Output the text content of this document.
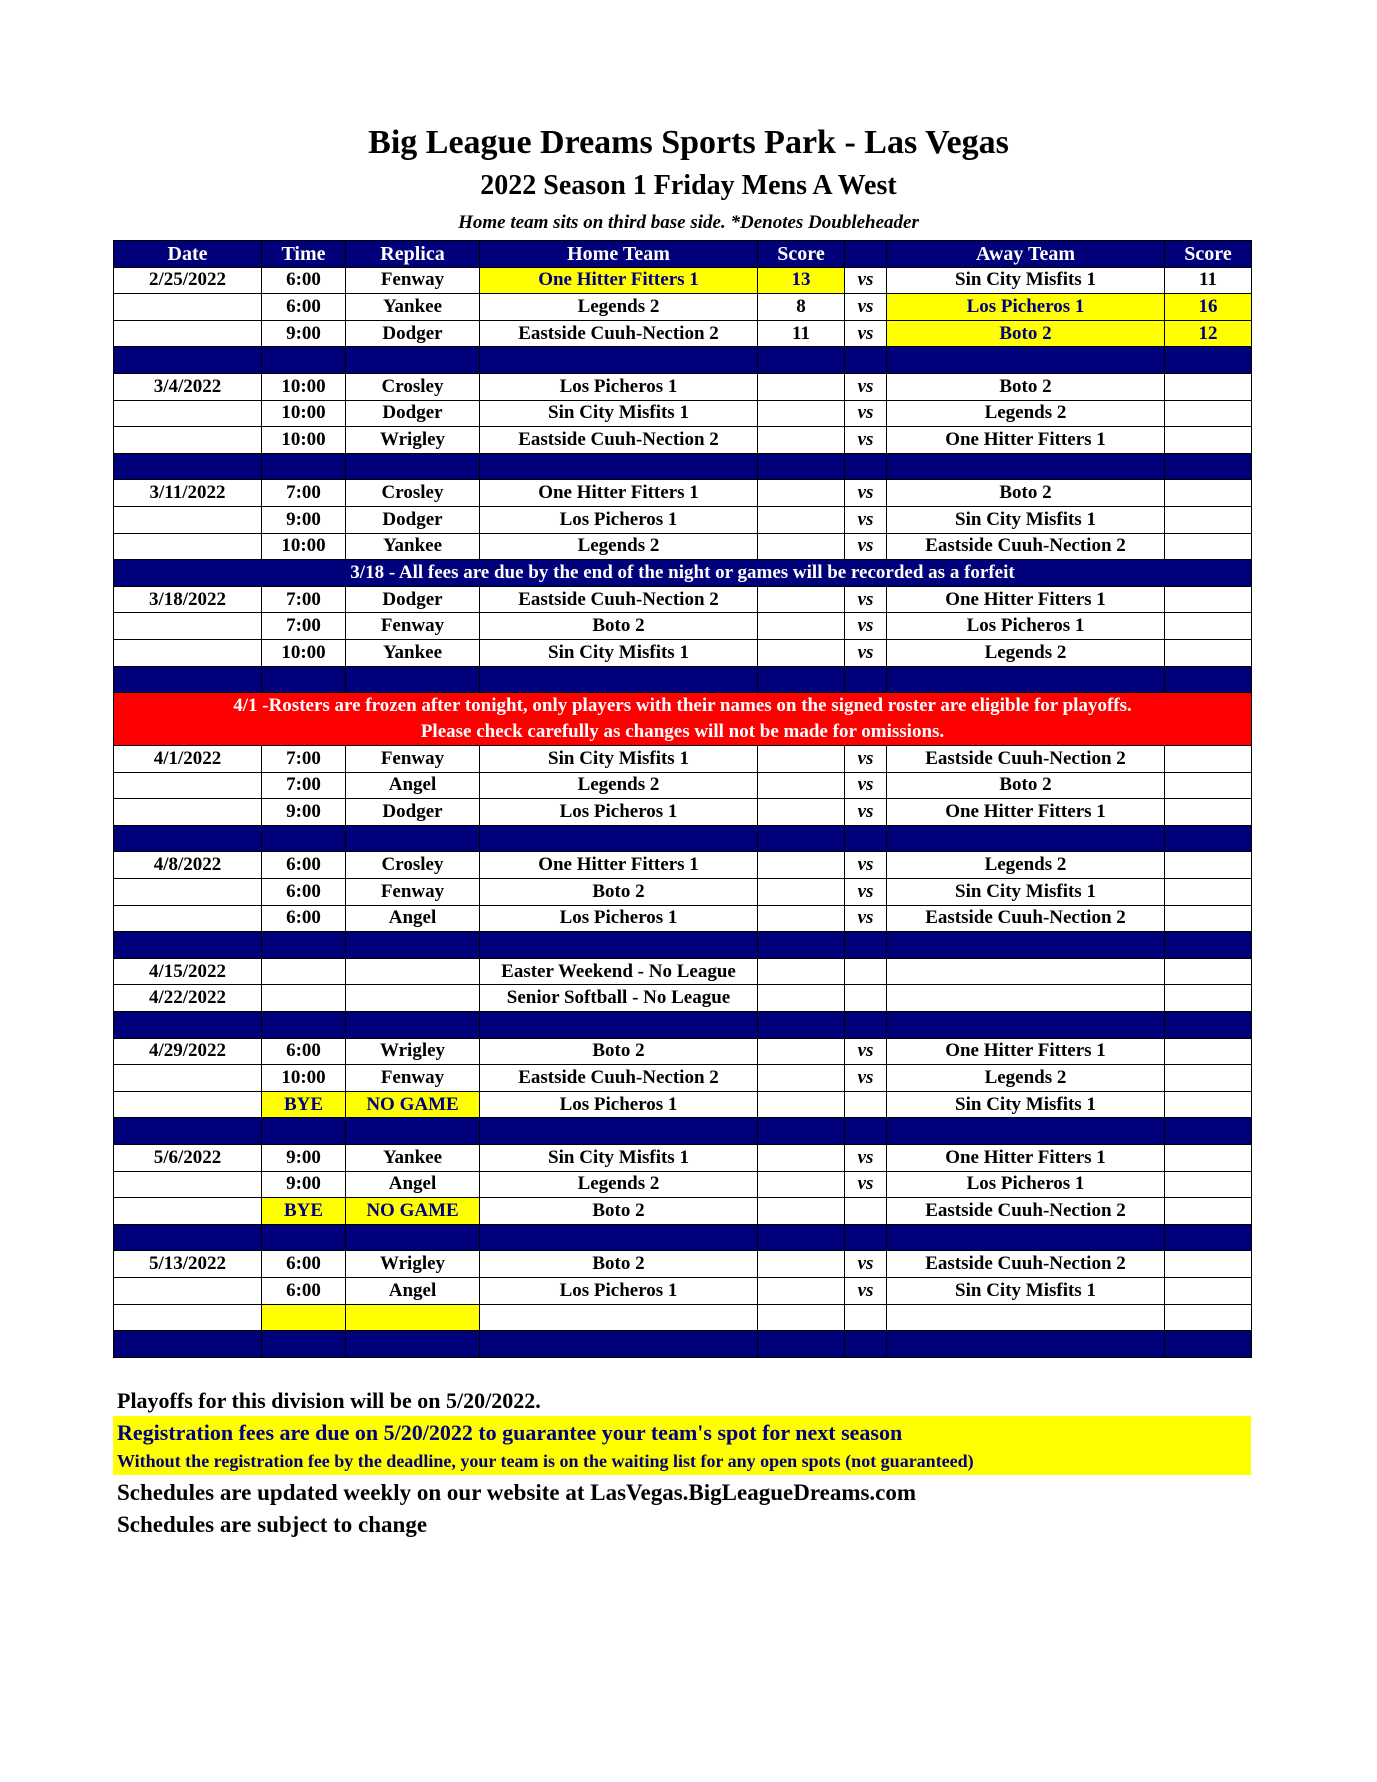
Big League Dreams Sports Park - Las Vegas
2022 Season 1 Friday Mens A West
Home team sits on third base side. *Denotes Doubleheader
Date	Time	Replica	Home Team	Score		Away Team	Score
2/25/2022	6:00	Fenway	One Hitter Fitters 1	13	vs	Sin City Misfits 1	11
	6:00	Yankee	Legends 2	8	vs	Los Picheros 1	16
	9:00	Dodger	Eastside Cuuh-Nection 2	11	vs	Boto 2	12

3/4/2022	10:00	Crosley	Los Picheros 1		vs	Boto 2	
	10:00	Dodger	Sin City Misfits 1		vs	Legends 2	
	10:00	Wrigley	Eastside Cuuh-Nection 2		vs	One Hitter Fitters 1	

3/11/2022	7:00	Crosley	One Hitter Fitters 1		vs	Boto 2	
	9:00	Dodger	Los Picheros 1		vs	Sin City Misfits 1	
	10:00	Yankee	Legends 2		vs	Eastside Cuuh-Nection 2	
3/18 - All fees are due by the end of the night or games will be recorded as a forfeit							
3/18/2022	7:00	Dodger	Eastside Cuuh-Nection 2		vs	One Hitter Fitters 1	
	7:00	Fenway	Boto 2		vs	Los Picheros 1	
	10:00	Yankee	Sin City Misfits 1		vs	Legends 2	

4/1 -Rosters are frozen after tonight, only players with their names on the signed roster are eligible for playoffs.
Please check carefully as changes will not be made for omissions.							

4/1/2022	7:00	Fenway	Sin City Misfits 1		vs	Eastside Cuuh-Nection 2	
	7:00	Angel	Legends 2		vs	Boto 2	
	9:00	Dodger	Los Picheros 1		vs	One Hitter Fitters 1	

4/8/2022	6:00	Crosley	One Hitter Fitters 1		vs	Legends 2	
	6:00	Fenway	Boto 2		vs	Sin City Misfits 1	
	6:00	Angel	Los Picheros 1		vs	Eastside Cuuh-Nection 2	

4/15/2022			Easter Weekend - No League				
4/22/2022			Senior Softball - No League				

4/29/2022	6:00	Wrigley	Boto 2		vs	One Hitter Fitters 1	
	10:00	Fenway	Eastside Cuuh-Nection 2		vs	Legends 2	
	BYE	NO GAME	Los Picheros 1			Sin City Misfits 1	

5/6/2022	9:00	Yankee	Sin City Misfits 1		vs	One Hitter Fitters 1	
	9:00	Angel	Legends 2		vs	Los Picheros 1	
	BYE	NO GAME	Boto 2			Eastside Cuuh-Nection 2	

5/13/2022	6:00	Wrigley	Boto 2		vs	Eastside Cuuh-Nection 2	
	6:00	Angel	Los Picheros 1		vs	Sin City Misfits 1	

Playoffs for this division will be on 5/20/2022.
Registration fees are due on 5/20/2022 to guarantee your team's spot for next season
Without the registration fee by the deadline, your team is on the waiting list for any open spots (not guaranteed)
Schedules are updated weekly on our website at LasVegas.BigLeagueDreams.com
Schedules are subject to change
